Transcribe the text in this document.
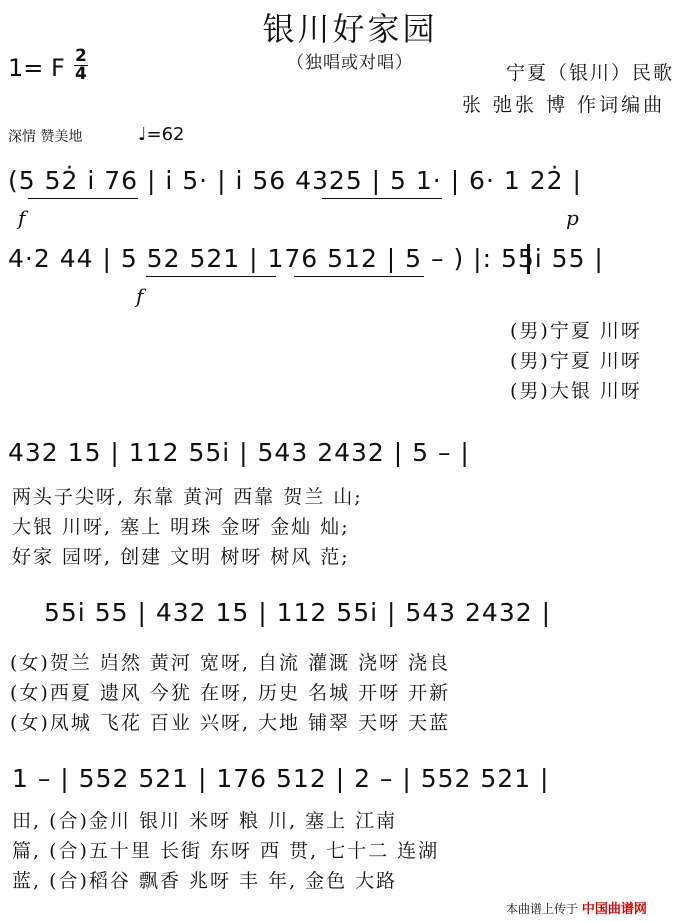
银川好家园
（独唱或对唱）
1= F $\frac{2}{4}$	宁夏（银川）民歌
张 弛张 博 作词编曲
深情 赞美地	♩=62
(5 52̇ i 76 | i 5· | i 56 4325 | 5 1· | 6· 1 22̇ |
f	p
4·2 44 | 5 52 521 | 176 512 | 5 – ) |: 55i 55 |
f
(男)宁夏 川呀
(男)宁夏 川呀
(男)大银 川呀
432 15 | 112 55i | 543 2432 | 5 – |
两头子尖呀, 东靠 黄河 西靠 贺兰 山;
大银 川呀, 塞上 明珠 金呀 金灿 灿;
好家 园呀, 创建 文明 树呀 树风 范;
55i 55 | 432 15 | 112 55i | 543 2432 |
(女)贺兰 岿然 黄河 宽呀, 自流 灌溉 浇呀 浇良
(女)西夏 遗风 今犹 在呀, 历史 名城 开呀 开新
(女)凤城 飞花 百业 兴呀, 大地 铺翠 天呀 天蓝
1 – | 552 521 | 176 512 | 2 – | 552 521 |
田, (合)金川 银川 米呀 粮 川, 塞上 江南
篇, (合)五十里 长街 东呀 西 贯, 七十二 连湖
蓝, (合)稻谷 飘香 兆呀 丰 年, 金色 大路
本曲谱上传于 中国曲谱网
